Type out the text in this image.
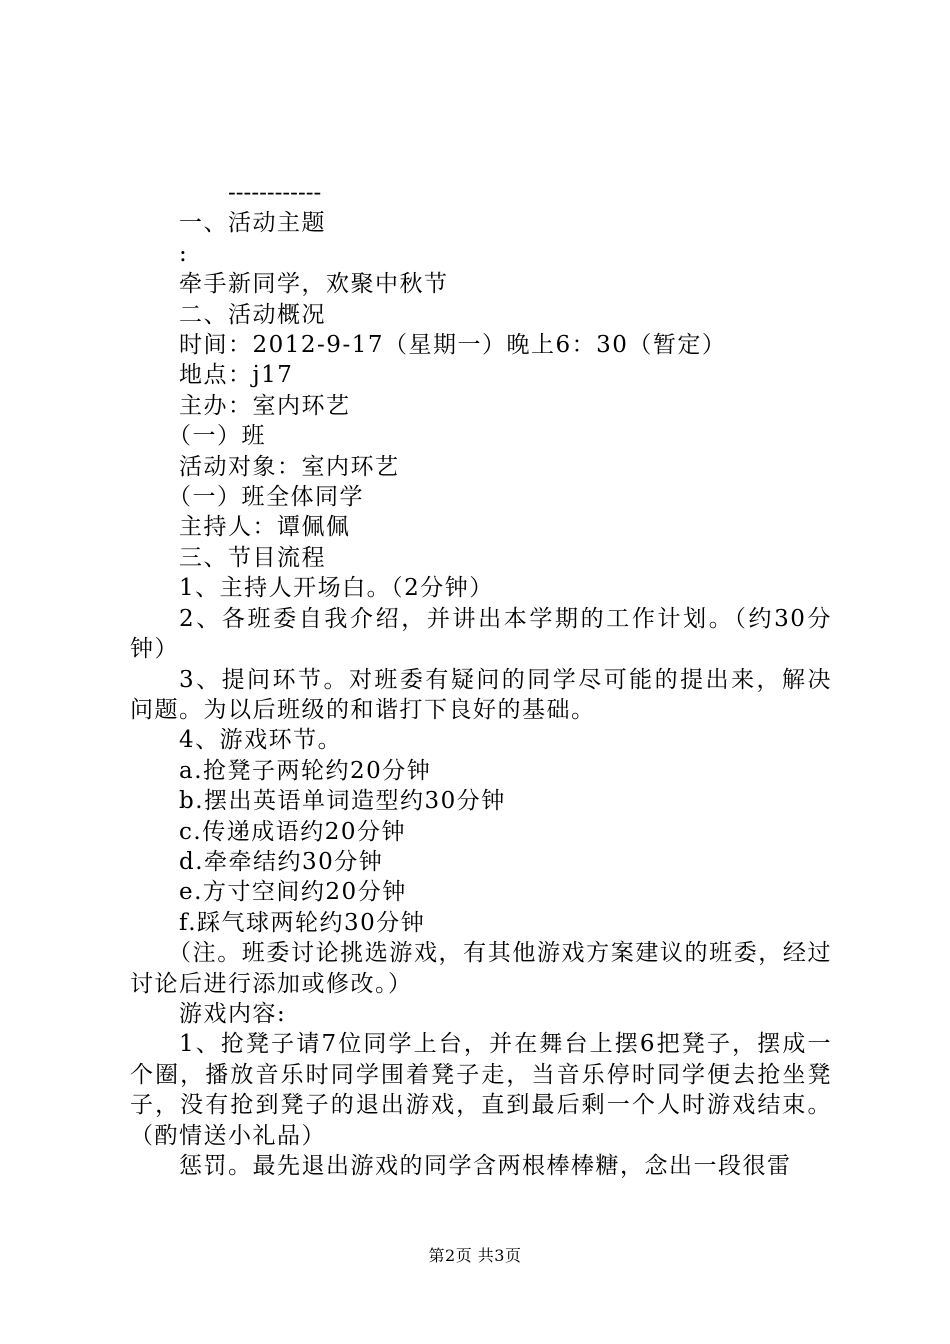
------------

一、活动主题

:

牵手新同学，欢聚中秋节

二、活动概况

时间：2012-9-17（星期一）晚上6：30（暂定）

地点：j17

主办：室内环艺

（一）班

活动对象：室内环艺

（一）班全体同学

主持人：谭佩佩

三、节目流程

1、主持人开场白。（2分钟）

2、各班委自我介绍，并讲出本学期的工作计划。（约30分钟）

3、提问环节。对班委有疑问的同学尽可能的提出来，解决问题。为以后班级的和谐打下良好的基础。

4、游戏环节。

a.抢凳子两轮约20分钟

b.摆出英语单词造型约30分钟

c.传递成语约20分钟

d.牵牵结约30分钟

e.方寸空间约20分钟

f.踩气球两轮约30分钟

（注。班委讨论挑选游戏，有其他游戏方案建议的班委，经过讨论后进行添加或修改。）

游戏内容:

1、抢凳子请7位同学上台，并在舞台上摆6把凳子，摆成一个圈，播放音乐时同学围着凳子走，当音乐停时同学便去抢坐凳子，没有抢到凳子的退出游戏，直到最后剩一个人时游戏结束。（酌情送小礼品）

惩罚。最先退出游戏的同学含两根棒棒糖，念出一段很雷

第2页 共3页
